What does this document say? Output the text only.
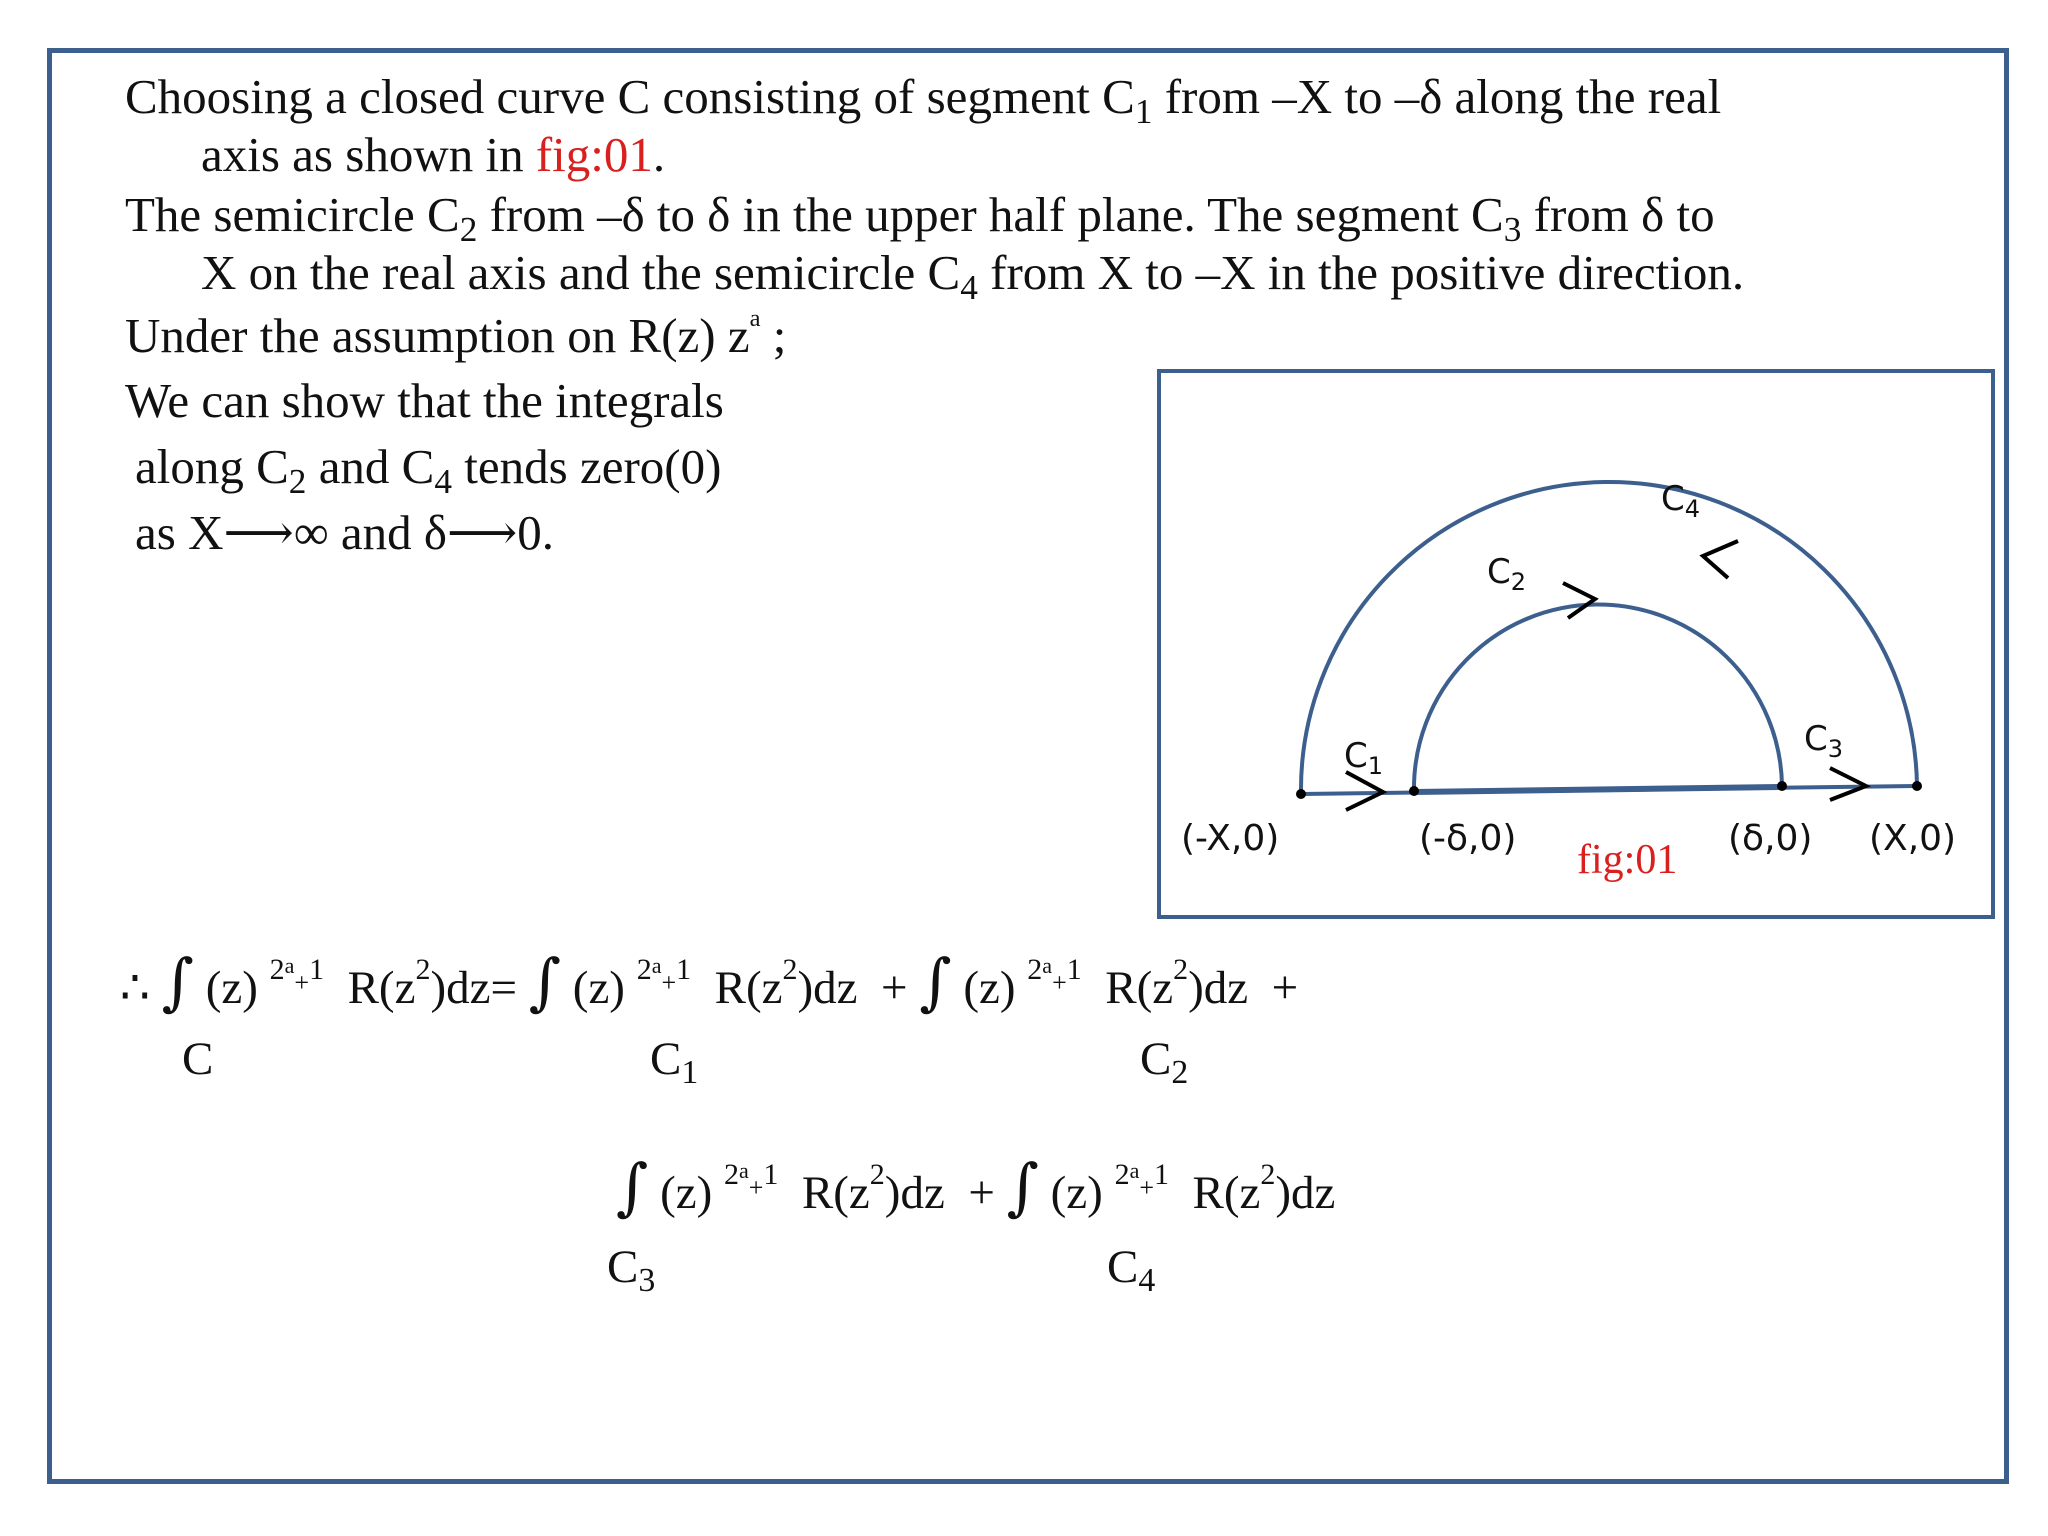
Choosing a closed curve C consisting of segment $C_1$ from –X to –δ along the real
axis as shown in fig:01.

The semicircle $C_2$ from –δ to δ in the upper half plane. The segment $C_3$ from δ to
X on the real axis and the semicircle $C_4$ from X to –X in the positive direction.

Under the assumption on R(z) $z^a$ ;

We can show that the integrals

along $C_2$ and $C_4$ tends zero(0)

as X⟶∞ and δ⟶0.

$C_4$
$C_2$
$C_1$
$C_3$
(-X,0)	(-δ,0)	(δ,0) (X,0)
fig:01
∴ ∫ (z) $^{2a+1}$ $R(z^2)dz=$ ∫ (z) $^{2a+1}$ $R(z^2)dz$ + ∫ (z) $^{2a+1}$ $R(z^2)dz$ +
C	$C_1$	$C_2$
∫ (z) $^{2a+1}$ $R(z^2)dz$ + ∫ (z) $^{2a+1}$ $R(z^2)dz$
$C_3$	$C_4$
